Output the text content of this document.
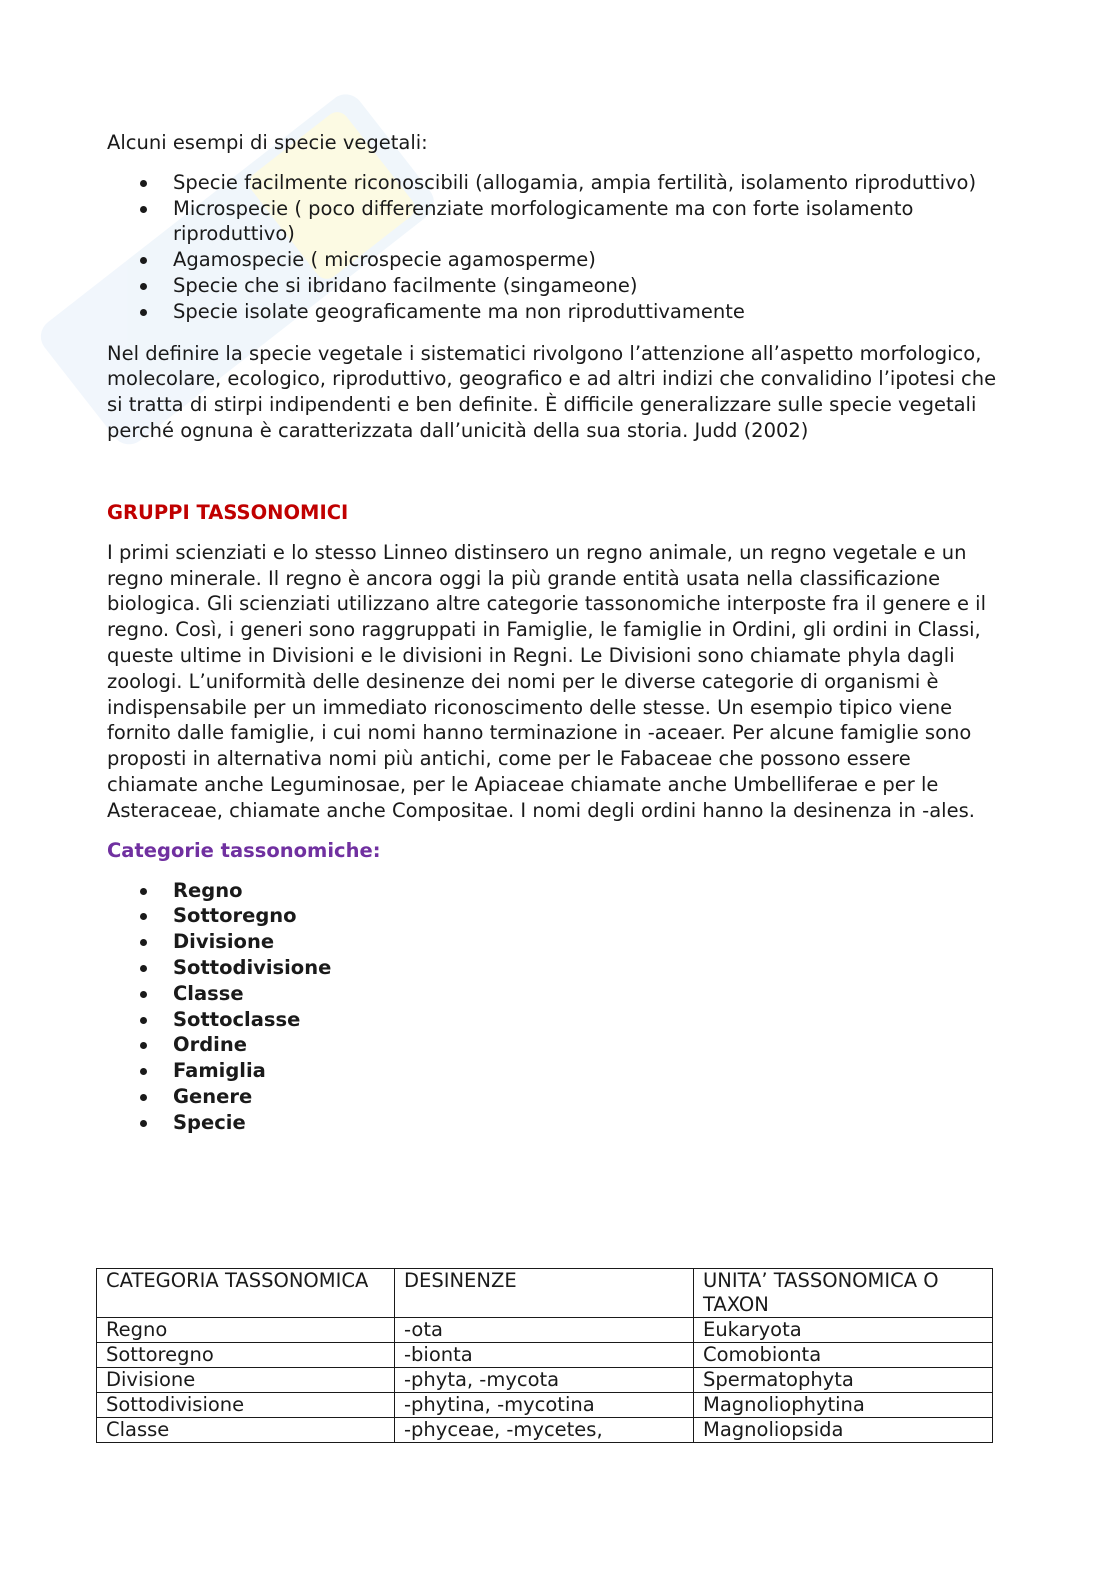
Alcuni esempi di specie vegetali:

Specie facilmente riconoscibili (allogamia, ampia fertilità, isolamento riproduttivo)
Microspecie ( poco differenziate morfologicamente ma con forte isolamento riproduttivo)
Agamospecie ( microspecie agamosperme)
Specie che si ibridano facilmente (singameone)
Specie isolate geograficamente ma non riproduttivamente

Nel definire la specie vegetale i sistematici rivolgono l’attenzione all’aspetto morfologico, molecolare, ecologico, riproduttivo, geografico e ad altri indizi che convalidino l’ipotesi che si tratta di stirpi indipendenti e ben definite. È difficile generalizzare sulle specie vegetali perché ognuna è caratterizzata dall’unicità della sua storia. Judd (2002)

GRUPPI TASSONOMICI

I primi scienziati e lo stesso Linneo distinsero un regno animale, un regno vegetale e un regno minerale. Il regno è ancora oggi la più grande entità usata nella classificazione biologica. Gli scienziati utilizzano altre categorie tassonomiche interposte fra il genere e il regno. Così, i generi sono raggruppati in Famiglie, le famiglie in Ordini, gli ordini in Classi, queste ultime in Divisioni e le divisioni in Regni. Le Divisioni sono chiamate phyla dagli zoologi. L’uniformità delle desinenze dei nomi per le diverse categorie di organismi è indispensabile per un immediato riconoscimento delle stesse. Un esempio tipico viene fornito dalle famiglie, i cui nomi hanno terminazione in -aceaer. Per alcune famiglie sono proposti in alternativa nomi più antichi, come per le Fabaceae che possono essere chiamate anche Leguminosae, per le Apiaceae chiamate anche Umbelliferae e per le Asteraceae, chiamate anche Compositae. I nomi degli ordini hanno la desinenza in -ales.

Categorie tassonomiche:

Regno
Sottoregno
Divisione
Sottodivisione
Classe
Sottoclasse
Ordine
Famiglia
Genere
Specie
CATEGORIA TASSONOMICA	DESINENZE	UNITA’ TASSONOMICA O TAXON
Regno	-ota	Eukaryota
Sottoregno	-bionta	Comobionta
Divisione	-phyta, -mycota	Spermatophyta
Sottodivisione	-phytina, -mycotina	Magnoliophytina
Classe	-phyceae, -mycetes,	Magnoliopsida
